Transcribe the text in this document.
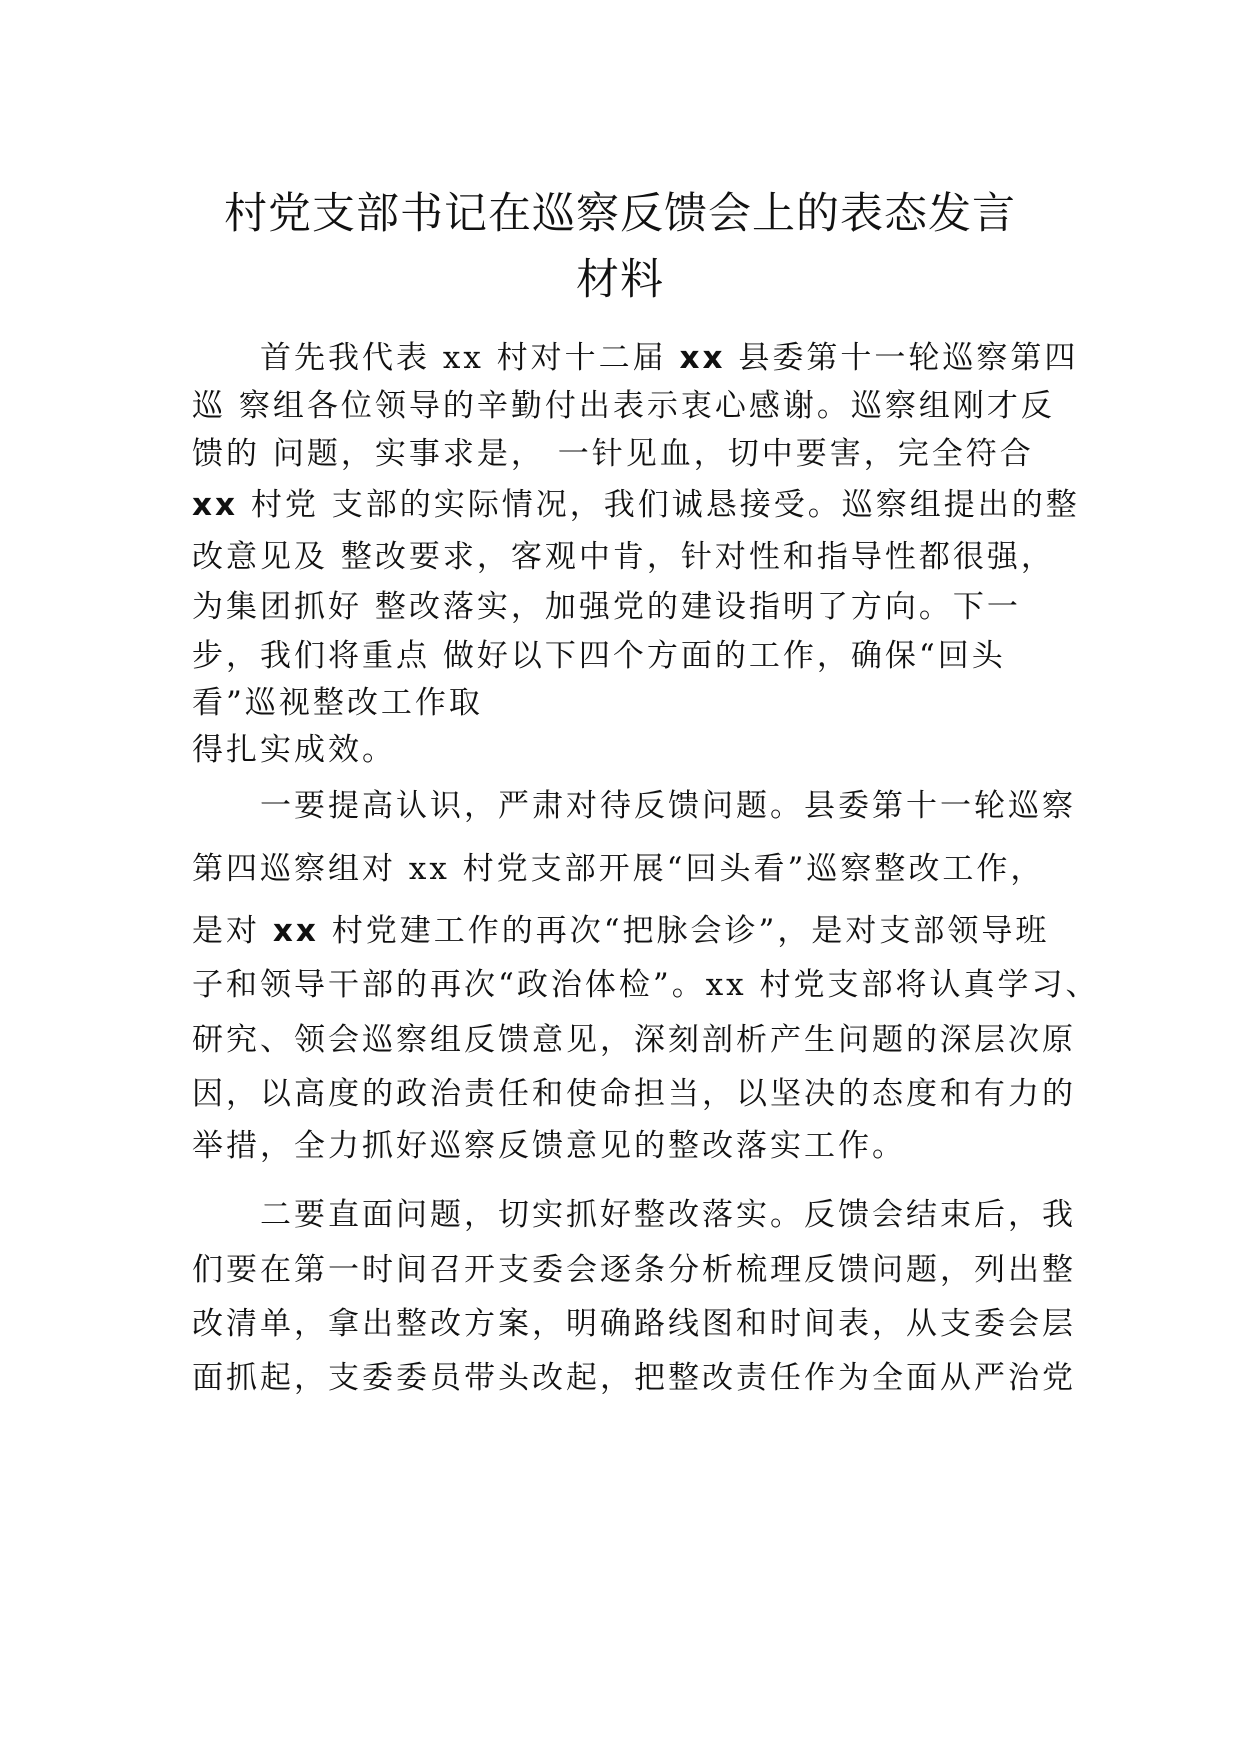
村党支部书记在巡察反馈会上的表态发言
材料
首先我代表 xx 村对十二届 xx 县委第十一轮巡察第四
巡 察组各位领导的辛勤付出表示衷心感谢。巡察组刚才反
馈的 问题，实事求是， 一针见血，切中要害，完全符合
xx 村党 支部的实际情况，我们诚恳接受。巡察组提出的整
改意见及 整改要求，客观中肯，针对性和指导性都很强，
为集团抓好 整改落实，加强党的建设指明了方向。下一
步，我们将重点 做好以下四个方面的工作，确保“回头
看”巡视整改工作取
得扎实成效。
一要提高认识，严肃对待反馈问题。县委第十一轮巡察
第四巡察组对 xx 村党支部开展“回头看”巡察整改工作，
是对 xx 村党建工作的再次“把脉会诊”，是对支部领导班
子和领导干部的再次“政治体检”。xx 村党支部将认真学习、
研究、领会巡察组反馈意见，深刻剖析产生问题的深层次原
因，以高度的政治责任和使命担当，以坚决的态度和有力的
举措，全力抓好巡察反馈意见的整改落实工作。
二要直面问题，切实抓好整改落实。反馈会结束后，我
们要在第一时间召开支委会逐条分析梳理反馈问题，列出整
改清单，拿出整改方案，明确路线图和时间表，从支委会层
面抓起，支委委员带头改起，把整改责任作为全面从严治党
